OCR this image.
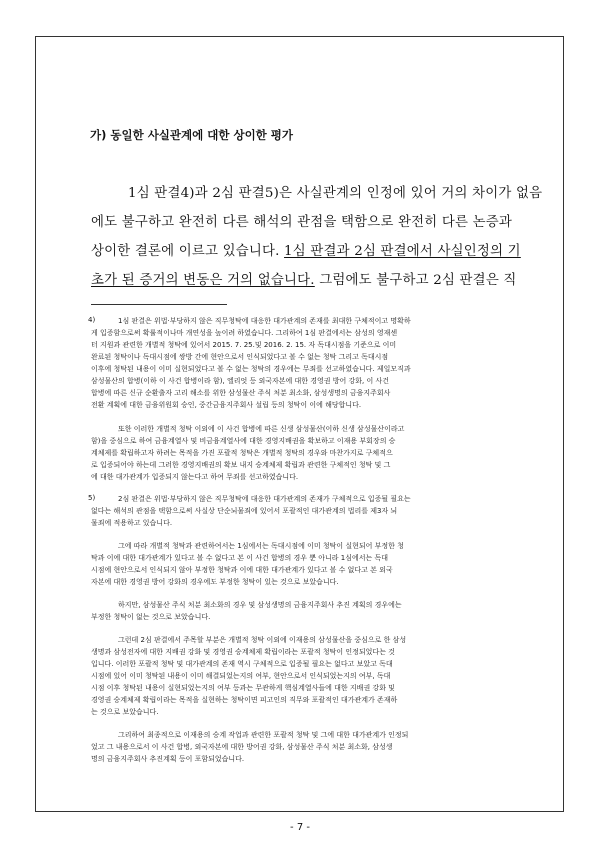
가) 동일한 사실관계에 대한 상이한 평가
1심 판결4)과 2심 판결5)은 사실관계의 인정에 있어 거의 차이가 없음
에도 불구하고 완전히 다른 해석의 관점을 택함으로 완전히 다른 논증과
상이한 결론에 이르고 있습니다. 1심 판결과 2심 판결에서 사실인정의 기
초가 된 증거의 변동은 거의 없습니다. 그럼에도 불구하고 2심 판결은 직
4)	1심 판결은 위법·부당하지 않은 직무청탁에 대응한 대가관계의 존재를 최대한 구체적이고 명확하
게 입증함으로써 확률적이나마 개연성을 높이려 하였습니다. 그리하여 1심 판결에서는 삼성의 영재센
터 지원과 관련한 개별적 청탁에 있어서 2015. 7. 25.및 2016. 2. 15. 자 독대시점을 기준으로 이미
완료된 청탁이나 독대시점에 쌍방 간에 현안으로서 인식되었다고 볼 수 없는 청탁 그리고 독대시점
이후에 청탁된 내용이 이미 실현되었다고 볼 수 없는 청탁의 경우에는 무죄를 선고하였습니다. 제일모직과
삼성물산의 합병(이하 이 사건 합병이라 함), 엘리엇 등 외국자본에 대한 경영권 방어 강화, 이 사건
합병에 따른 신규 순환출자 고리 해소를 위한 삼성물산 주식 처분 최소화, 삼성생명의 금융지주회사
전환 계획에 대한 금융위원회 승인, 중간금융지주회사 설립 등의 청탁이 이에 해당합니다.
또한 이러한 개별적 청탁 이외에 이 사건 합병에 따른 신생 삼성물산(이하 신생 삼성물산이라고
함)을 중심으로 하여 금융계열사 및 비금융계열사에 대한 경영지배권을 확보하고 이재용 부회장의 승
계체제를 확립하고자 하려는 목적을 가진 포괄적 청탁은 개별적 청탁의 경우와 마찬가지로 구체적으
로 입증되어야 하는데 그러한 경영지배권의 확보 내지 승계체제 확립과 관련한 구체적인 청탁 및 그
에 대한 대가관계가 입증되지 않는다고 하여 무죄를 선고하였습니다.
5)	2심 판결은 위법·부당하지 않은 직무청탁에 대응한 대가관계의 존재가 구체적으로 입증될 필요는
없다는 해석의 관점을 택함으로써 사실상 단순뇌물죄에 있어서 포괄적인 대가관계의 법리를 제3자 뇌
물죄에 적용하고 있습니다.
그에 따라 개별적 청탁과 관련하여서는 1심에서는 독대시점에 이미 청탁이 실현되어 부정한 청
탁과 이에 대한 대가관계가 있다고 볼 수 없다고 본 이 사건 합병의 경우 뿐 아니라 1심에서는 독대
시점에 현안으로서 인식되지 않아 부정한 청탁과 이에 대한 대가관계가 있다고 볼 수 없다고 본 외국
자본에 대한 경영권 방어 강화의 경우에도 부정한 청탁이 있는 것으로 보았습니다.
하지만, 삼성물산 주식 처분 최소화의 경우 및 삼성생명의 금융지주회사 추진 계획의 경우에는
부정한 청탁이 없는 것으로 보았습니다.
그런데 2심 판결에서 주목할 부분은 개별적 청탁 이외에 이재용의 삼성물산을 중심으로 한 삼성
생명과 삼성전자에 대한 지배권 강화 및 경영권 승계체제 확립이라는 포괄적 청탁이 인정되었다는 것
입니다. 이러한 포괄적 청탁 및 대가관계의 존재 역시 구체적으로 입증될 필요는 없다고 보았고 독대
시점에 있어 이미 청탁된 내용이 이미 해결되었는지의 여부, 현안으로서 인식되었는지의 여부, 독대
시점 이후 청탁된 내용이 실현되었는지의 여부 등과는 무관하게 핵심계열사들에 대한 지배권 강화 및
경영권 승계체제 확립이라는 목적을 실현하는 청탁이면 피고인의 직무와 포괄적인 대가관계가 존재하
는 것으로 보았습니다.
그리하여 최종적으로 이재용의 승계 작업과 관련한 포괄적 청탁 및 그에 대한 대가관계가 인정되
었고 그 내용으로서 이 사건 합병, 외국자본에 대한 방어권 강화, 삼성물산 주식 처분 최소화, 삼성생
명의 금융지주회사 추진계획 등이 포함되었습니다.
- 7 -
